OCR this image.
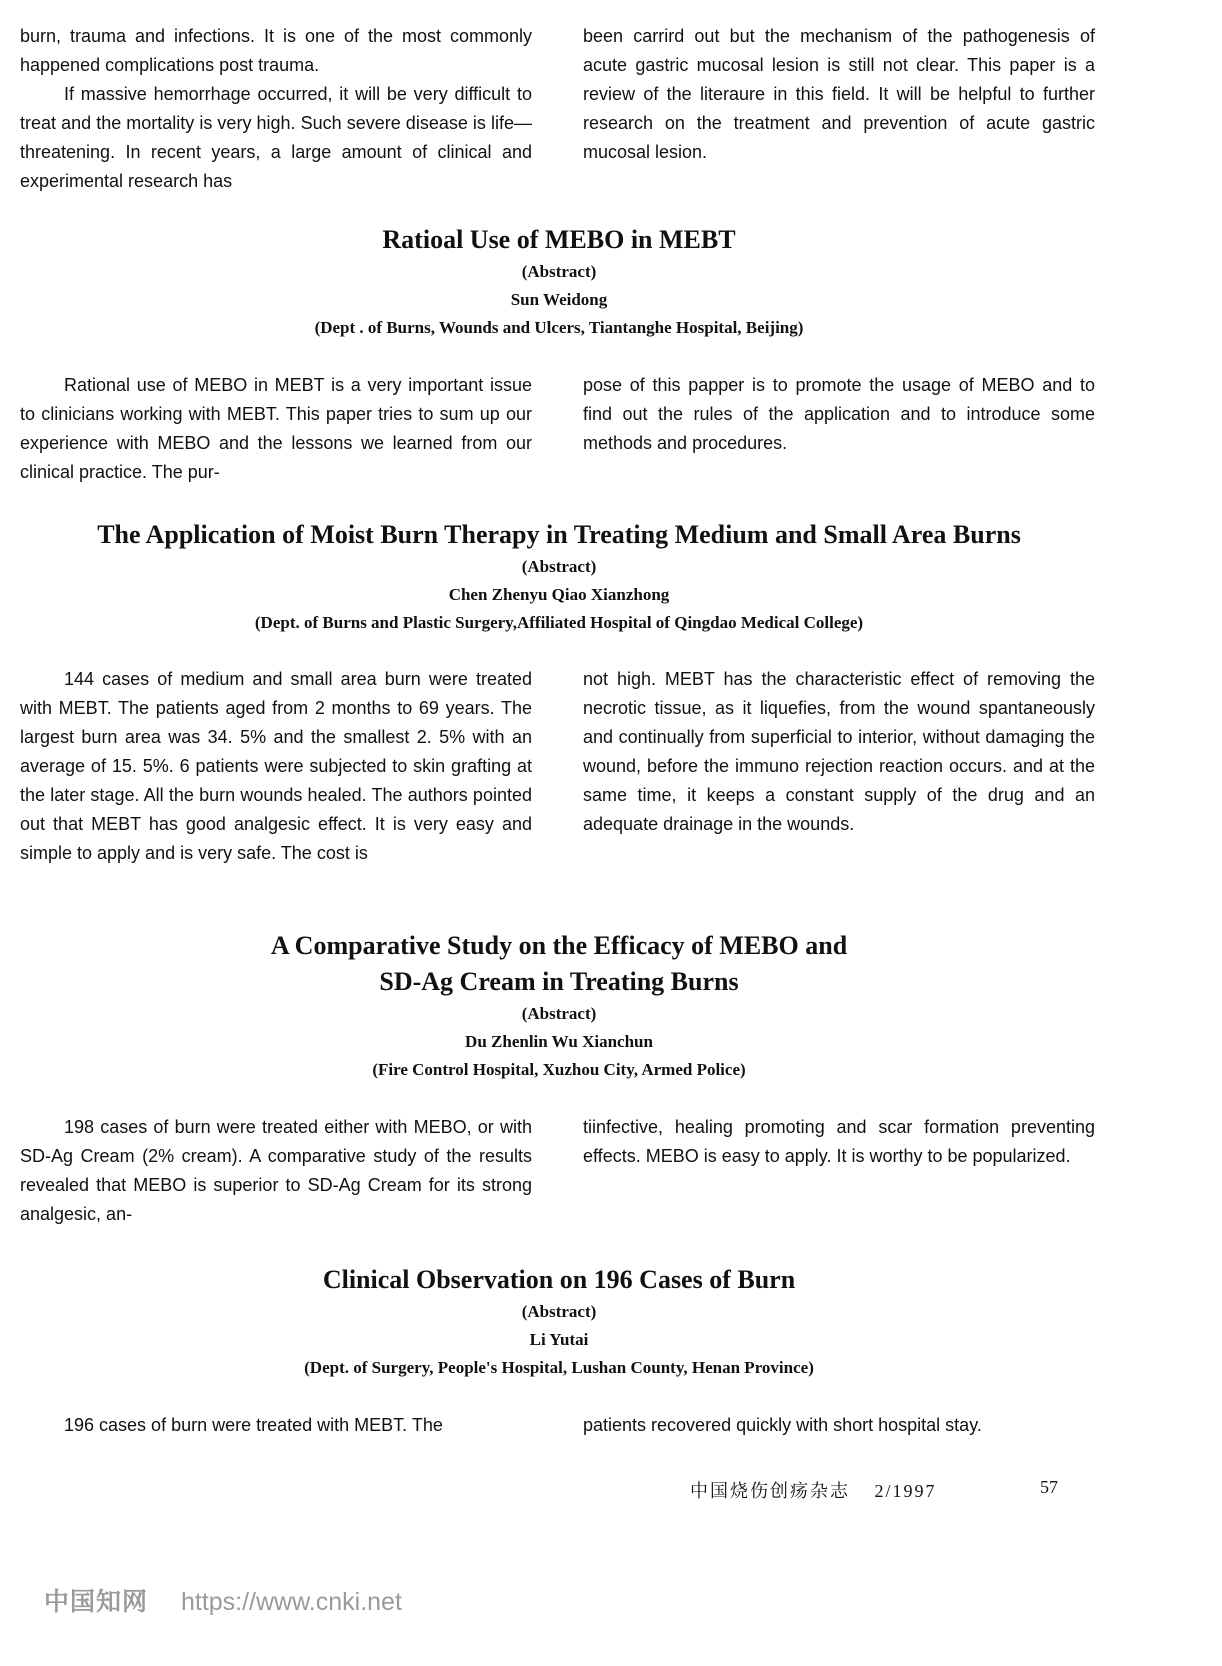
burn, trauma and infections. It is one of the most commonly happened complications post trauma.

If massive hemorrhage occurred, it will be very difficult to treat and the mortality is very high. Such severe disease is life—threatening. In recent years, a large amount of clinical and experimental research has

been carrird out but the mechanism of the pathogenesis of acute gastric mucosal lesion is still not clear. This paper is a review of the literaure in this field. It will be helpful to further research on the treatment and prevention of acute gastric mucosal lesion.

Ratioal Use of MEBO in MEBT

(Abstract)

Sun Weidong

(Dept . of Burns, Wounds and Ulcers, Tiantanghe Hospital, Beijing)

Rational use of MEBO in MEBT is a very important issue to clinicians working with MEBT. This paper tries to sum up our experience with MEBO and the lessons we learned from our clinical practice. The pur-

pose of this papper is to promote the usage of MEBO and to find out the rules of the application and to introduce some methods and procedures.

The Application of Moist Burn Therapy in Treating Medium and Small Area Burns

(Abstract)

Chen Zhenyu Qiao Xianzhong

(Dept. of Burns and Plastic Surgery,Affiliated Hospital of Qingdao Medical College)

144 cases of medium and small area burn were treated with MEBT. The patients aged from 2 months to 69 years. The largest burn area was 34. 5% and the smallest 2. 5% with an average of 15. 5%. 6 patients were subjected to skin grafting at the later stage. All the burn wounds healed. The authors pointed out that MEBT has good analgesic effect. It is very easy and simple to apply and is very safe. The cost is

not high. MEBT has the characteristic effect of removing the necrotic tissue, as it liquefies, from the wound spantaneously and continually from superficial to interior, without damaging the wound, before the immuno rejection reaction occurs. and at the same time, it keeps a constant supply of the drug and an adequate drainage in the wounds.

A Comparative Study on the Efficacy of MEBO and

SD-Ag Cream in Treating Burns

(Abstract)

Du Zhenlin Wu Xianchun

(Fire Control Hospital, Xuzhou City, Armed Police)

198 cases of burn were treated either with MEBO, or with SD-Ag Cream (2% cream). A comparative study of the results revealed that MEBO is superior to SD-Ag Cream for its strong analgesic, an-

tiinfective, healing promoting and scar formation preventing effects. MEBO is easy to apply. It is worthy to be popularized.

Clinical Observation on 196 Cases of Burn

(Abstract)

Li Yutai

(Dept. of Surgery, People's Hospital, Lushan County, Henan Province)

196 cases of burn were treated with MEBT. The	patients recovered quickly with short hospital stay.

中国烧伤创疡杂志 2/1997	57
中国知网 https://www.cnki.net
